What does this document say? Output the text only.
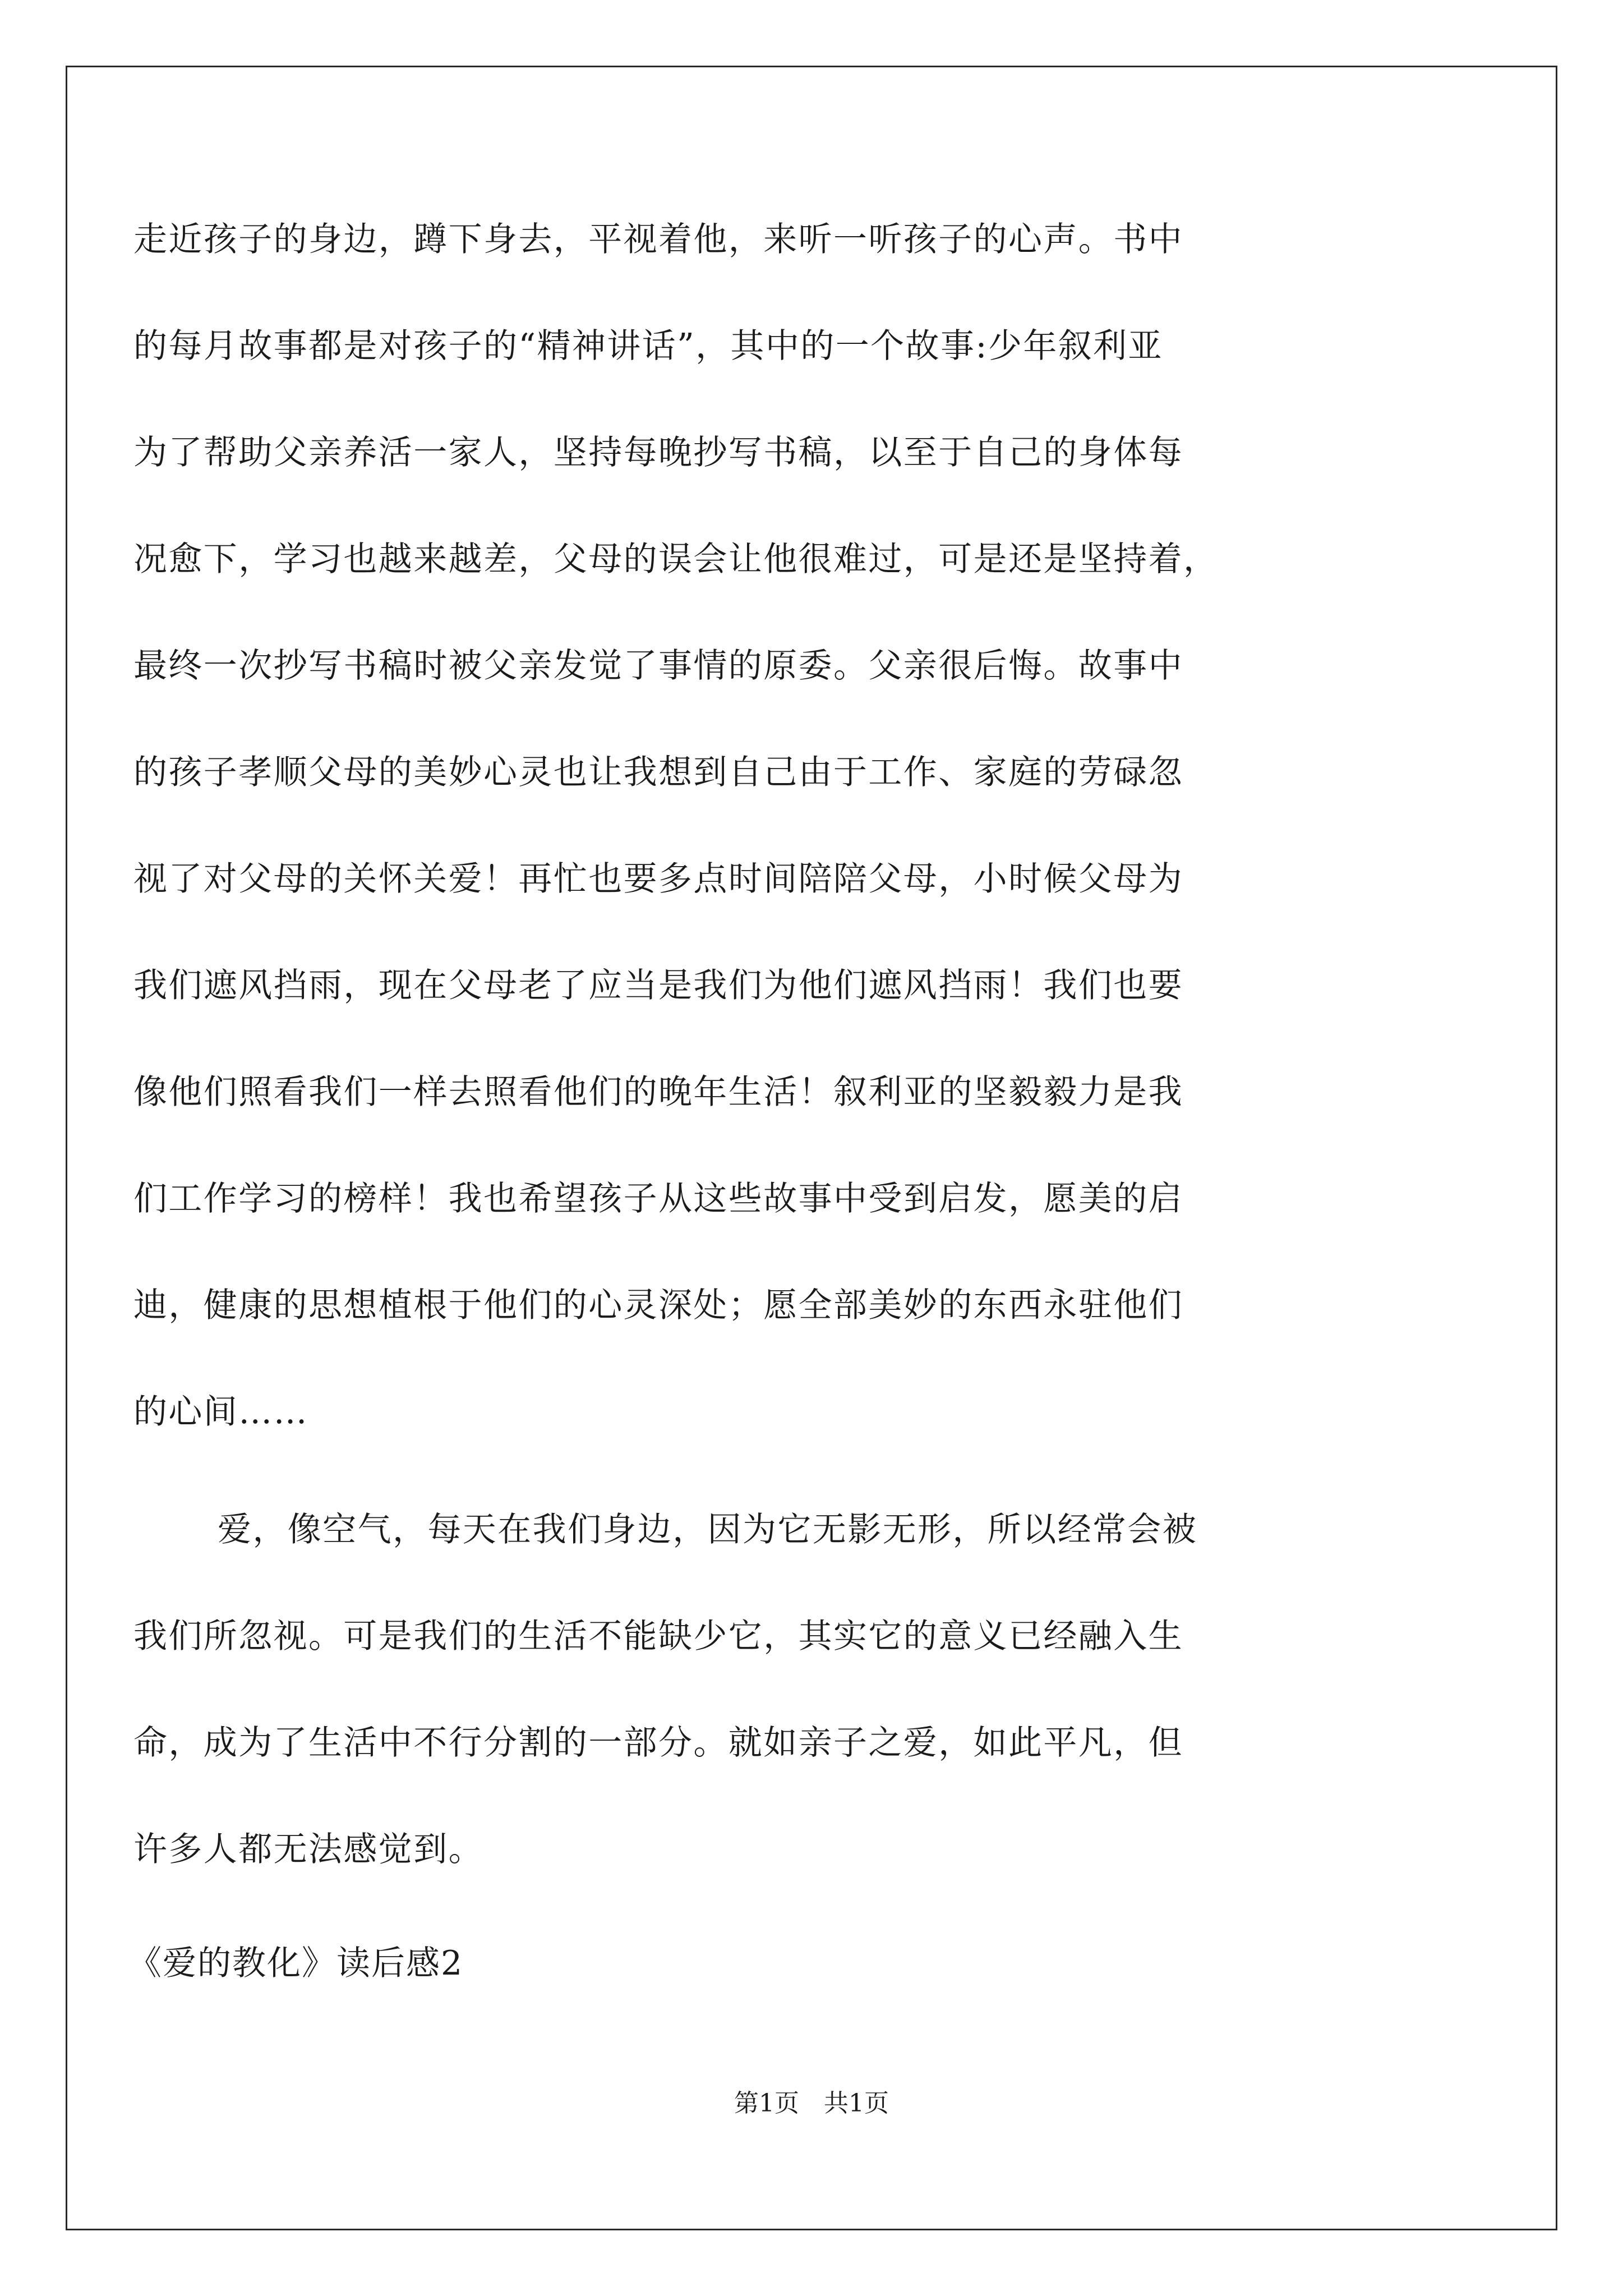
走近孩子的身边，蹲下身去，平视着他，来听一听孩子的心声。书中
的每月故事都是对孩子的“精神讲话”，其中的一个故事:少年叙利亚
为了帮助父亲养活一家人，坚持每晚抄写书稿，以至于自己的身体每
况愈下，学习也越来越差，父母的误会让他很难过，可是还是坚持着，
最终一次抄写书稿时被父亲发觉了事情的原委。父亲很后悔。故事中
的孩子孝顺父母的美妙心灵也让我想到自己由于工作、家庭的劳碌忽
视了对父母的关怀关爱！再忙也要多点时间陪陪父母，小时候父母为
我们遮风挡雨，现在父母老了应当是我们为他们遮风挡雨！我们也要
像他们照看我们一样去照看他们的晚年生活！叙利亚的坚毅毅力是我
们工作学习的榜样！我也希望孩子从这些故事中受到启发，愿美的启
迪，健康的思想植根于他们的心灵深处；愿全部美妙的东西永驻他们
的心间……
爱，像空气，每天在我们身边，因为它无影无形，所以经常会被
我们所忽视。可是我们的生活不能缺少它，其实它的意义已经融入生
命，成为了生活中不行分割的一部分。就如亲子之爱，如此平凡，但
许多人都无法感觉到。
《爱的教化》读后感2
第1页　共1页
